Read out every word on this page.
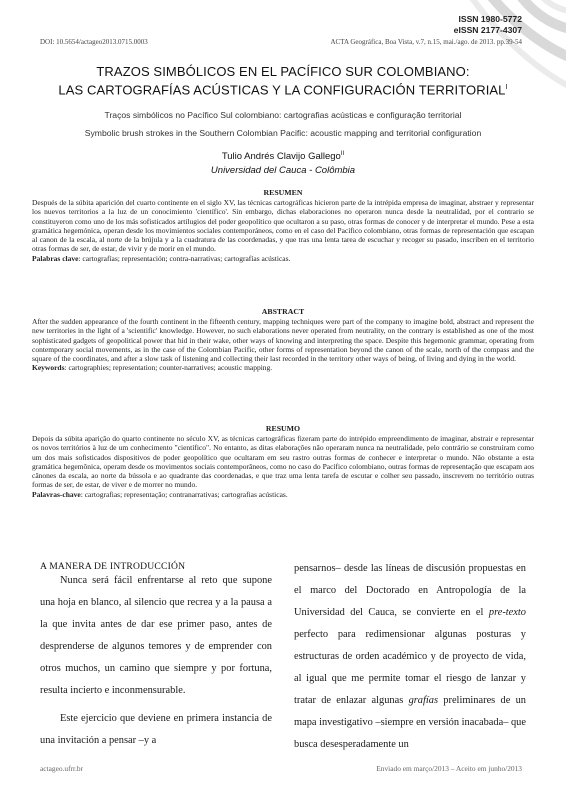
ISSN 1980-5772
eISSN 2177-4307
DOI: 10.5654/actageo2013.0715.0003	ACTA Geográfica, Boa Vista, v.7, n.15, mai./ago. de 2013. pp.39-54
TRAZOS SIMBÓLICOS EN EL PACÍFICO SUR COLOMBIANO:
LAS CARTOGRAFÍAS ACÚSTICAS Y LA CONFIGURACIÓN $TERRITORIAL^I$
Traços simbólicos no Pacífico Sul colombiano: cartografias acústicas e configuração territorial
Symbolic brush strokes in the Southern Colombian Pacific: acoustic mapping and territorial configuration
Tulio Andrés Clavijo Gallego$^{II}$
Universidad del Cauca - Colômbia
RESUMEN
Después de la súbita aparición del cuarto continente en el siglo XV, las técnicas cartográficas hicieron parte de la intrépida empresa de imaginar, abstraer y representar los nuevos territorios a la luz de un conocimiento 'científico'. Sin embargo, dichas elaboraciones no operaron nunca desde la neutralidad, por el contrario se constituyeron como uno de los más sofisticados artilugios del poder geopolítico que ocultaron a su paso, otras formas de conocer y de interpretar el mundo. Pese a esta gramática hegemónica, operan desde los movimientos sociales contemporáneos, como en el caso del Pacífico colombiano, otras formas de representación que escapan al canon de la escala, al norte de la brújula y a la cuadratura de las coordenadas, y que tras una lenta tarea de escuchar y recoger su pasado, inscriben en el territorio otras formas de ser, de estar, de vivir y de morir en el mundo.
Palabras clave: cartografías; representación; contra-narrativas; cartografías acústicas.
ABSTRACT
After the sudden appearance of the fourth continent in the fifteenth century, mapping techniques were part of the company to imagine bold, abstract and represent the new territories in the light of a 'scientific' knowledge. However, no such elaborations never operated from neutrality, on the contrary is established as one of the most sophisticated gadgets of geopolitical power that hid in their wake, other ways of knowing and interpreting the space. Despite this hegemonic grammar, operating from contemporary social movements, as in the case of the Colombian Pacific, other forms of representation beyond the canon of the scale, north of the compass and the square of the coordinates, and after a slow task of listening and collecting their last recorded in the territory other ways of being, of living and dying in the world.
Keywords: cartographies; representation; counter-narratives; acoustic mapping.
RESUMO
Depois da súbita aparição do quarto continente no século XV, as técnicas cartográficas fizeram parte do intrépido empreendimento de imaginar, abstrair e representar os novos territórios à luz de um conhecimento "científico". No entanto, as ditas elaborações não operaram nunca na neutralidade, pelo contrário se construíram como um dos mais sofisticados dispositivos de poder geopolítico que ocultaram em seu rastro outras formas de conhecer e interpretar o mundo. Não obstante a esta gramática hegemônica, operam desde os movimentos sociais contemporâneos, como no caso do Pacífico colombiano, outras formas de representação que escapam aos cânones da escala, ao norte da bússola e ao quadrante das coordenadas, e que traz uma lenta tarefa de escutar e colher seu passado, inscrevem no território outras formas de ser, de estar, de viver e de morrer no mundo.
Palavras-chave: cartografias; representação; contranarrativas; cartografias acústicas.
A MANERA DE INTRODUCCIÓN

Nunca será fácil enfrentarse al reto que supone una hoja en blanco, al silencio que recrea y a la pausa a la que invita antes de dar ese primer paso, antes de desprenderse de algunos temores y de emprender con otros muchos, un camino que siempre y por fortuna, resulta incierto e inconmensurable.

Este ejercicio que deviene en primera instancia de una invitación a pensar –y a

pensarnos– desde las líneas de discusión propuestas en el marco del Doctorado en Antropología de la Universidad del Cauca, se convierte en el pre-texto perfecto para redimensionar algunas posturas y estructuras de orden académico y de proyecto de vida, al igual que me permite tomar el riesgo de lanzar y tratar de enlazar algunas grafías preliminares de un mapa investigativo –siempre en versión inacabada– que busca desesperadamente un

actageo.ufrr.br	Enviado em março/2013 – Aceito em junho/2013
